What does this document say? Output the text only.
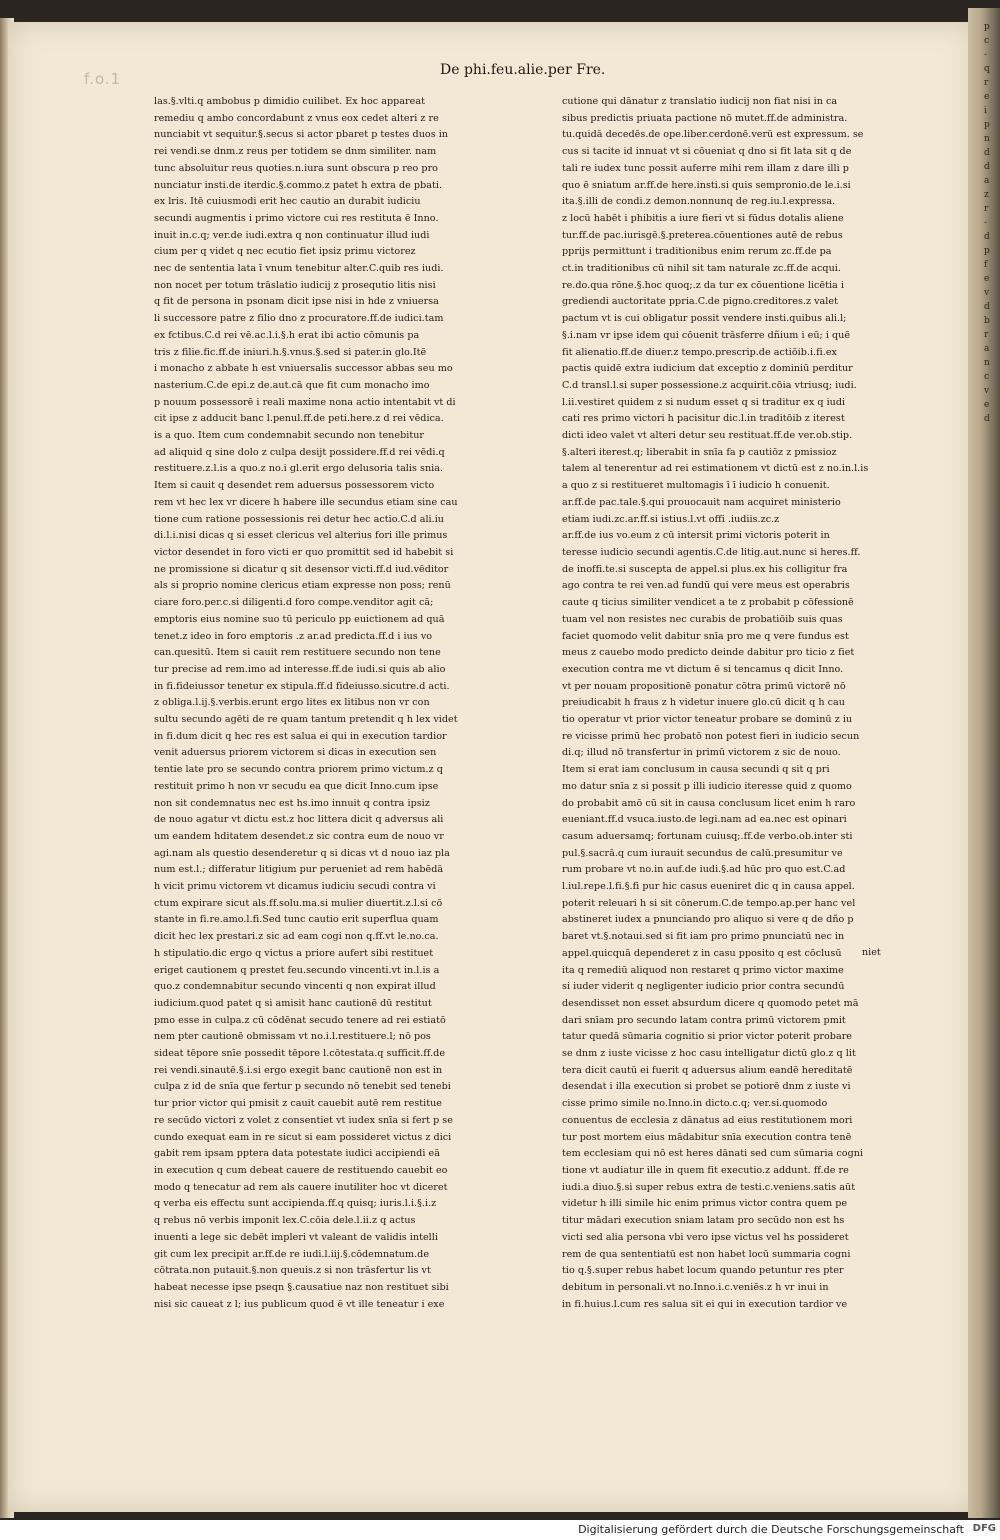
p
c
-
q
r
e
i
p
n
d
d
a
z
r
-
d
p
f
e
v
d
b
r
a
n
c
v
e
d
f.o.1	De phi.feu.alie.per Fre.
las.§.vlti.q ambobus p dimidio cuilibet. Ex hoc appareat
remediu q ambo concordabunt z vnus eox cedet alteri z re
nunciabit vt sequitur.§.secus si actor pbaret p testes duos in
rei vendi.se dnm.z reus per totidem se dnm similiter. nam
tunc absoluitur reus quoties.n.iura sunt obscura p reo pro
nunciatur insti.de iterdic.§.commo.z patet h extra de pbati.
ex lris. Itē cuiusmodi erit hec cautio an durabit iudiciu
secundi augmentis i primo victore cui res restituta ē Inno.
inuit in.c.q; ver.de iudi.extra q non continuatur illud iudi
cium per q videt q nec ecutio fiet ipsiz primu victorez
nec de sententia lata ī vnum tenebitur alter.C.quib res iudi.
non nocet per totum trāslatio iudicij z prosequtio litis nisi
q fit de persona in psonam dicit ipse nisi in hde z vniuersa
li successore patre z filio dno z procuratore.ff.de iudici.tam
ex fctibus.C.d rei vē.ac.l.i.§.h erat ibi actio cōmunis pa
tris z filie.fic.ff.de iniuri.h.§.vnus.§.sed si pater.in glo.Itē
i monacho z abbate h est vniuersalis successor abbas seu mo
nasterium.C.de epi.z de.aut.cā que fit cum monacho imo
p nouum possessorē i reali maxime nona actio intentabit vt di
cit ipse z adducit banc l.penul.ff.de peti.here.z d rei vēdica.
is a quo. Item cum condemnabit secundo non tenebitur
ad aliquid q sine dolo z culpa desijt possidere.ff.d rei vēdi.q
restituere.z.l.is a quo.z no.i gl.erit ergo delusoria talis snia.
Item si cauit q desendet rem aduersus possessorem victo
rem vt hec lex vr dicere h habere ille secundus etiam sine cau
tione cum ratione possessionis rei detur hec actio.C.d ali.iu
di.l.i.nisi dicas q si esset clericus vel alterius fori ille primus
victor desendet in foro victi er quo promittit sed id habebit si
ne promissione si dicatur q sit desensor victi.ff.d iud.vēditor
als si proprio nomine clericus etiam expresse non poss; renū
ciare foro.per.c.si diligenti.d foro compe.venditor agit cā;
emptoris eius nomine suo tū periculo pp euictionem ad quā
tenet.z ideo in foro emptoris .z ar.ad predicta.ff.d i ius vo
can.quesitū. Item si cauit rem restituere secundo non tene
tur precise ad rem.imo ad interesse.ff.de iudi.si quis ab alio
in fi.fideiussor tenetur ex stipula.ff.d fideiusso.sicutre.d acti.
z obliga.l.ij.§.verbis.erunt ergo lites ex litibus non vr con
sultu secundo agēti de re quam tantum pretendit q h lex videt
in fi.dum dicit q hec res est salua ei qui in execution tardior
venit aduersus priorem victorem si dicas in execution sen
tentie late pro se secundo contra priorem primo victum.z q
restituit primo h non vr secudu ea que dicit Inno.cum ipse
non sit condemnatus nec est hs.imo innuit q contra ipsiz
de nouo agatur vt dictu est.z hoc littera dicit q adversus ali
um eandem hditatem desendet.z sic contra eum de nouo vr
agi.nam als questio desenderetur q si dicas vt d nouo iaz pla
num est.l.; differatur litigium pur perueniet ad rem habēdā
h vicit primu victorem vt dicamus iudiciu secudi contra vi
ctum expirare sicut als.ff.solu.ma.si mulier diuertit.z.l.si cō
stante in fi.re.amo.l.fi.Sed tunc cautio erit superflua quam
dicit hec lex prestari.z sic ad eam cogi non q.ff.vt le.no.ca.
h stipulatio.dic ergo q victus a priore aufert sibi restituet
eriget cautionem q prestet feu.secundo vincenti.vt in.l.is a
quo.z condemnabitur secundo vincenti q non expirat illud
iudicium.quod patet q si amisit hanc cautionē dū restitut
pmo esse in culpa.z cū cōdēnat secudo tenere ad rei estiatō
nem pter cautionē obmissam vt no.i.l.restituere.l; nō pos
sideat tēpore snīe possedit tēpore l.cōtestata.q sufficit.ff.de
rei vendi.sinautē.§.i.si ergo exegit banc cautionē non est in
culpa z id de snīa que fertur p secundo nō tenebit sed tenebi
tur prior victor qui pmisit z cauit cauebit autē rem restitue
re secūdo victori z volet z consentiet vt iudex snīa si fert p se
cundo exequat eam in re sicut si eam possideret victus z dici
gabit rem ipsam pptera data potestate iudici accipiendi eā
in execution q cum debeat cauere de restituendo cauebit eo
modo q tenecatur ad rem als cauere inutiliter hoc vt diceret
q verba eis effectu sunt accipienda.ff.q quisq; iuris.l.i.§.i.z
q rebus nō verbis imponit lex.C.cōia dele.l.ii.z q actus
inuenti a lege sic debēt impleri vt valeant de validis intelli
git cum lex precipit ar.ff.de re iudi.l.iij.§.cōdemnatum.de
cōtrata.non putauit.§.non queuis.z si non trāsfertur lis vt
habeat necesse ipse pseqn §.causatiue naz non restituet sibi
nisi sic caueat z l; ius publicum quod ē vt ille teneatur i exe
cutione qui dānatur z translatio iudicij non fiat nisi in ca
sibus predictis priuata pactione nō mutet.ff.de administra.
tu.quidā decedēs.de ope.liber.cerdonē.verū est expressum. se
cus si tacite id innuat vt si cōueniat q dno si fit lata sit q de
tali re iudex tunc possit auferre mihi rem illam z dare illi p
quo ē sniatum ar.ff.de here.insti.si quis sempronio.de le.i.si
ita.§.illi de condi.z demon.nonnunq de reg.iu.l.expressa.
z locū habēt i phibitis a iure fieri vt si fūdus dotalis aliene
tur.ff.de pac.iurisgē.§.preterea.cōuentiones autē de rebus
pprijs permittunt i traditionibus enim rerum zc.ff.de pa
ct.in traditionibus cū nihil sit tam naturale zc.ff.de acqui.
re.do.qua rōne.§.hoc quoq;.z da tur ex cōuentione licētia i
grediendi auctoritate ppria.C.de pigno.creditores.z valet
pactum vt is cui obligatur possit vendere insti.quibus ali.l;
§.i.nam vr ipse idem qui cōuenit trāsferre dñium i eū; i quē
fit alienatio.ff.de diuer.z tempo.prescrip.de actiōib.i.fi.ex
pactis quidē extra iudicium dat exceptio z dominiū perditur
C.d transl.l.si super possessione.z acquirit.cōia vtriusq; iudi.
l.ii.vestiret quidem z si nudum esset q si traditur ex q iudi
cati res primo victori h pacisitur dic.l.in traditōib z iterest
dicti ideo valet vt alteri detur seu restituat.ff.de ver.ob.stip.
§.alteri iterest.q; liberabit in snīa fa p cautiōz z pmissioz
talem al tenerentur ad rei estimationem vt dictū est z no.in.l.is
a quo z si restitueret multomagis ī ī iudicio h conuenit.
ar.ff.de pac.tale.§.qui prouocauit nam acquiret ministerio
etiam iudi.zc.ar.ff.si istius.l.vt offi .iudiis.zc.z
ar.ff.de ius vo.eum z cū intersit primi victoris poterit in
teresse iudicio secundi agentis.C.de litig.aut.nunc si heres.ff.
de inoffi.te.si suscepta de appel.si plus.ex his colligitur fra
ago contra te rei ven.ad fundū qui vere meus est operabris
caute q ticius similiter vendicet a te z probabit p cōfessionē
tuam vel non resistes nec curabis de probatiōib suis quas
faciet quomodo velit dabitur snīa pro me q vere fundus est
meus z cauebo modo predicto deinde dabitur pro ticio z fiet
execution contra me vt dictum ē si tencamus q dicit Inno.
vt per nouam propositionē ponatur cōtra primū victorē nō
preiudicabit h fraus z h videtur inuere glo.cū dicit q h cau
tio operatur vt prior victor teneatur probare se dominū z iu
re vicisse primū hec probatō non potest fieri in iudicio secun
di.q; illud nō transfertur in primū victorem z sic de nouo.
Item si erat iam conclusum in causa secundi q sit q pri
mo datur snīa z si possit p illi iudicio iteresse quid z quomo
do probabit amō cū sit in causa conclusum licet enim h raro
eueniant.ff.d vsuca.iusto.de legi.nam ad ea.nec est opinari
casum aduersamq; fortunam cuiusq;.ff.de verbo.ob.inter sti
pul.§.sacrā.q cum iurauit secundus de calū.presumitur ve
rum probare vt no.in auf.de iudi.§.ad hūc pro quo est.C.ad
l.iul.repe.l.fi.§.fi pur hic casus eueniret dic q in causa appel.
poterit releuari h si sit cōnerum.C.de tempo.ap.per hanc vel
abstineret iudex a pnunciando pro aliquo si vere q de dño p
baret vt.§.notaui.sed si fit iam pro primo pnunciatū nec in
appel.quicquā dependeret z in casu pposito q est cōclusū
ita q remediū aliquod non restaret q primo victor maxime
si iuder viderit q negligenter iudicio prior contra secundū
desendisset non esset absurdum dicere q quomodo petet mā
dari snīam pro secundo latam contra primū victorem pmit
tatur quedā sūmaria cognitio si prior victor poterit probare
se dnm z iuste vicisse z hoc casu intelligatur dictū glo.z q lit
tera dicit cautū ei fuerit q aduersus alium eandē hereditatē
desendat i illa execution si probet se potiorē dnm z iuste vi
cisse primo simile no.Inno.in dicto.c.q; ver.si.quomodo
conuentus de ecclesia z dānatus ad eius restitutionem mori
tur post mortem eius mādabitur snīa execution contra tenē
tem ecclesiam qui nō est heres dānati sed cum sūmaria cogni
tione vt audiatur ille in quem fit executio.z addunt. ff.de re
iudi.a diuo.§.si super rebus extra de testi.c.veniens.satis aūt
videtur h illi simile hic enim primus victor contra quem pe
titur mādari execution sniam latam pro secūdo non est hs
victi sed alia persona vbi vero ipse victus vel hs possideret
rem de qua sententiatū est non habet locū summaria cogni
tio q.§.super rebus habet locum quando petuntur res pter
debitum in personali.vt no.Inno.i.c.veniēs.z h vr inui in
in fi.huius.l.cum res salua sit ei qui in execution tardior ve
niet
Digitalisierung gefördert durch die Deutsche Forschungsgemeinschaft DFG
